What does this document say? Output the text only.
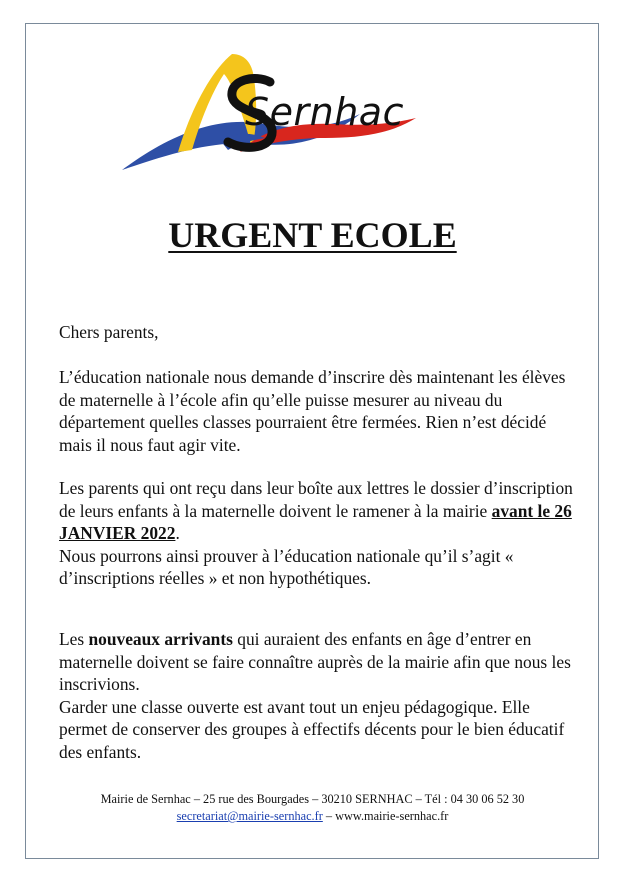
Sernhac
URGENT ECOLE

Chers parents,

L’éducation nationale nous demande d’inscrire dès maintenant les élèves de maternelle à l’école afin qu’elle puisse mesurer au niveau du département quelles classes pourraient être fermées. Rien n’est décidé mais il nous faut agir vite.

Les parents qui ont reçu dans leur boîte aux lettres le dossier d’inscription de leurs enfants à la maternelle doivent le ramener à la mairie avant le 26 JANVIER 2022.

Nous pourrons ainsi prouver à l’éducation nationale qu’il s’agit « d’inscriptions réelles » et non hypothétiques.

Les nouveaux arrivants qui auraient des enfants en âge d’entrer en maternelle doivent se faire connaître auprès de la mairie afin que nous les inscrivions.

Garder une classe ouverte est avant tout un enjeu pédagogique. Elle permet de conserver des groupes à effectifs décents pour le bien éducatif des enfants.

Mairie de Sernhac – 25 rue des Bourgades – 30210 SERNHAC – Tél : 04 30 06 52 30
secretariat@mairie-sernhac.fr – www.mairie-sernhac.fr
